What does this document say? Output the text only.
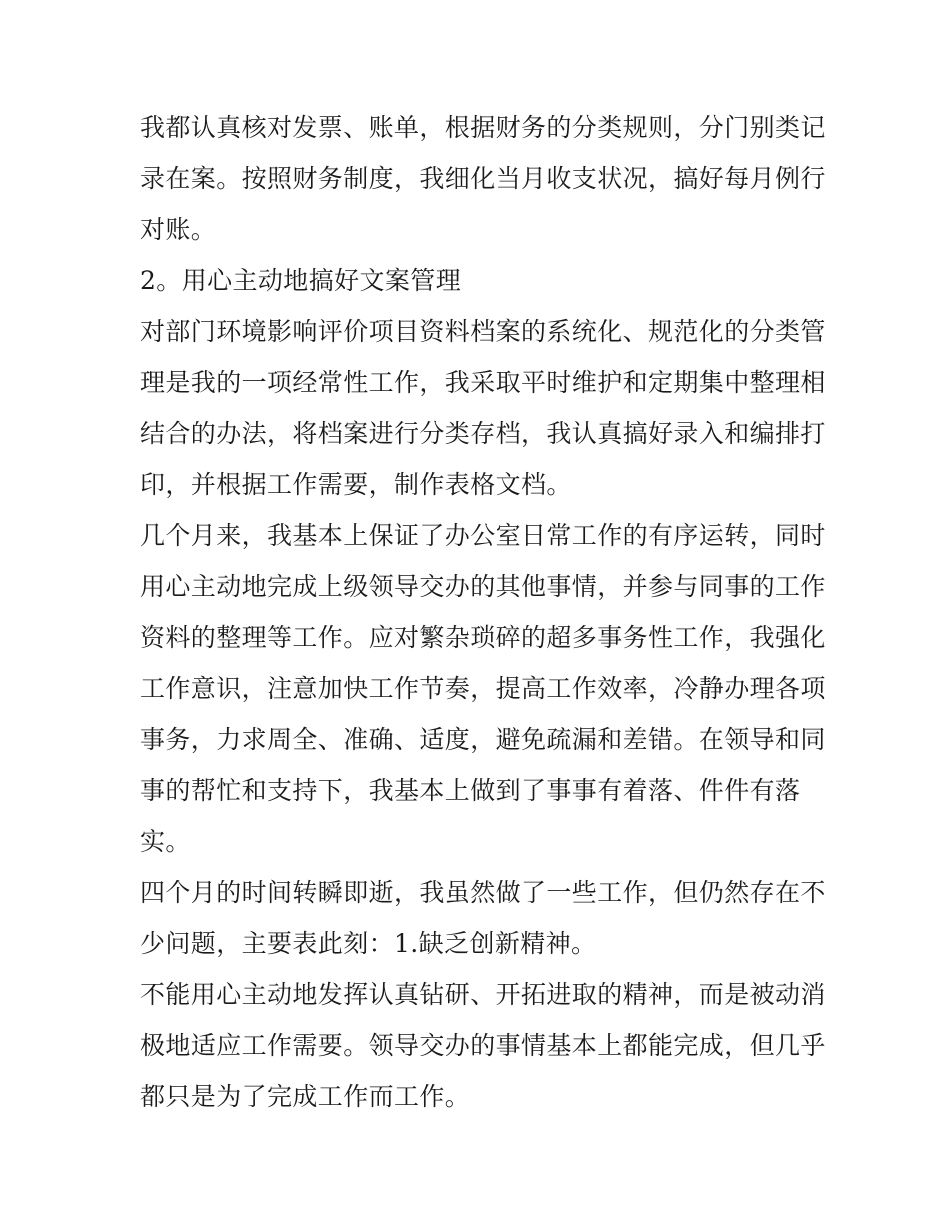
我都认真核对发票、账单，根据财务的分类规则，分门别类记
录在案。按照财务制度，我细化当月收支状况，搞好每月例行
对账。
2。用心主动地搞好文案管理
对部门环境影响评价项目资料档案的系统化、规范化的分类管
理是我的一项经常性工作，我采取平时维护和定期集中整理相
结合的办法，将档案进行分类存档，我认真搞好录入和编排打
印，并根据工作需要，制作表格文档。
几个月来，我基本上保证了办公室日常工作的有序运转，同时
用心主动地完成上级领导交办的其他事情，并参与同事的工作
资料的整理等工作。应对繁杂琐碎的超多事务性工作，我强化
工作意识，注意加快工作节奏，提高工作效率，冷静办理各项
事务，力求周全、准确、适度，避免疏漏和差错。在领导和同
事的帮忙和支持下，我基本上做到了事事有着落、件件有落
实。
四个月的时间转瞬即逝，我虽然做了一些工作，但仍然存在不
少问题，主要表此刻：1.缺乏创新精神。
不能用心主动地发挥认真钻研、开拓进取的精神，而是被动消
极地适应工作需要。领导交办的事情基本上都能完成，但几乎
都只是为了完成工作而工作。
